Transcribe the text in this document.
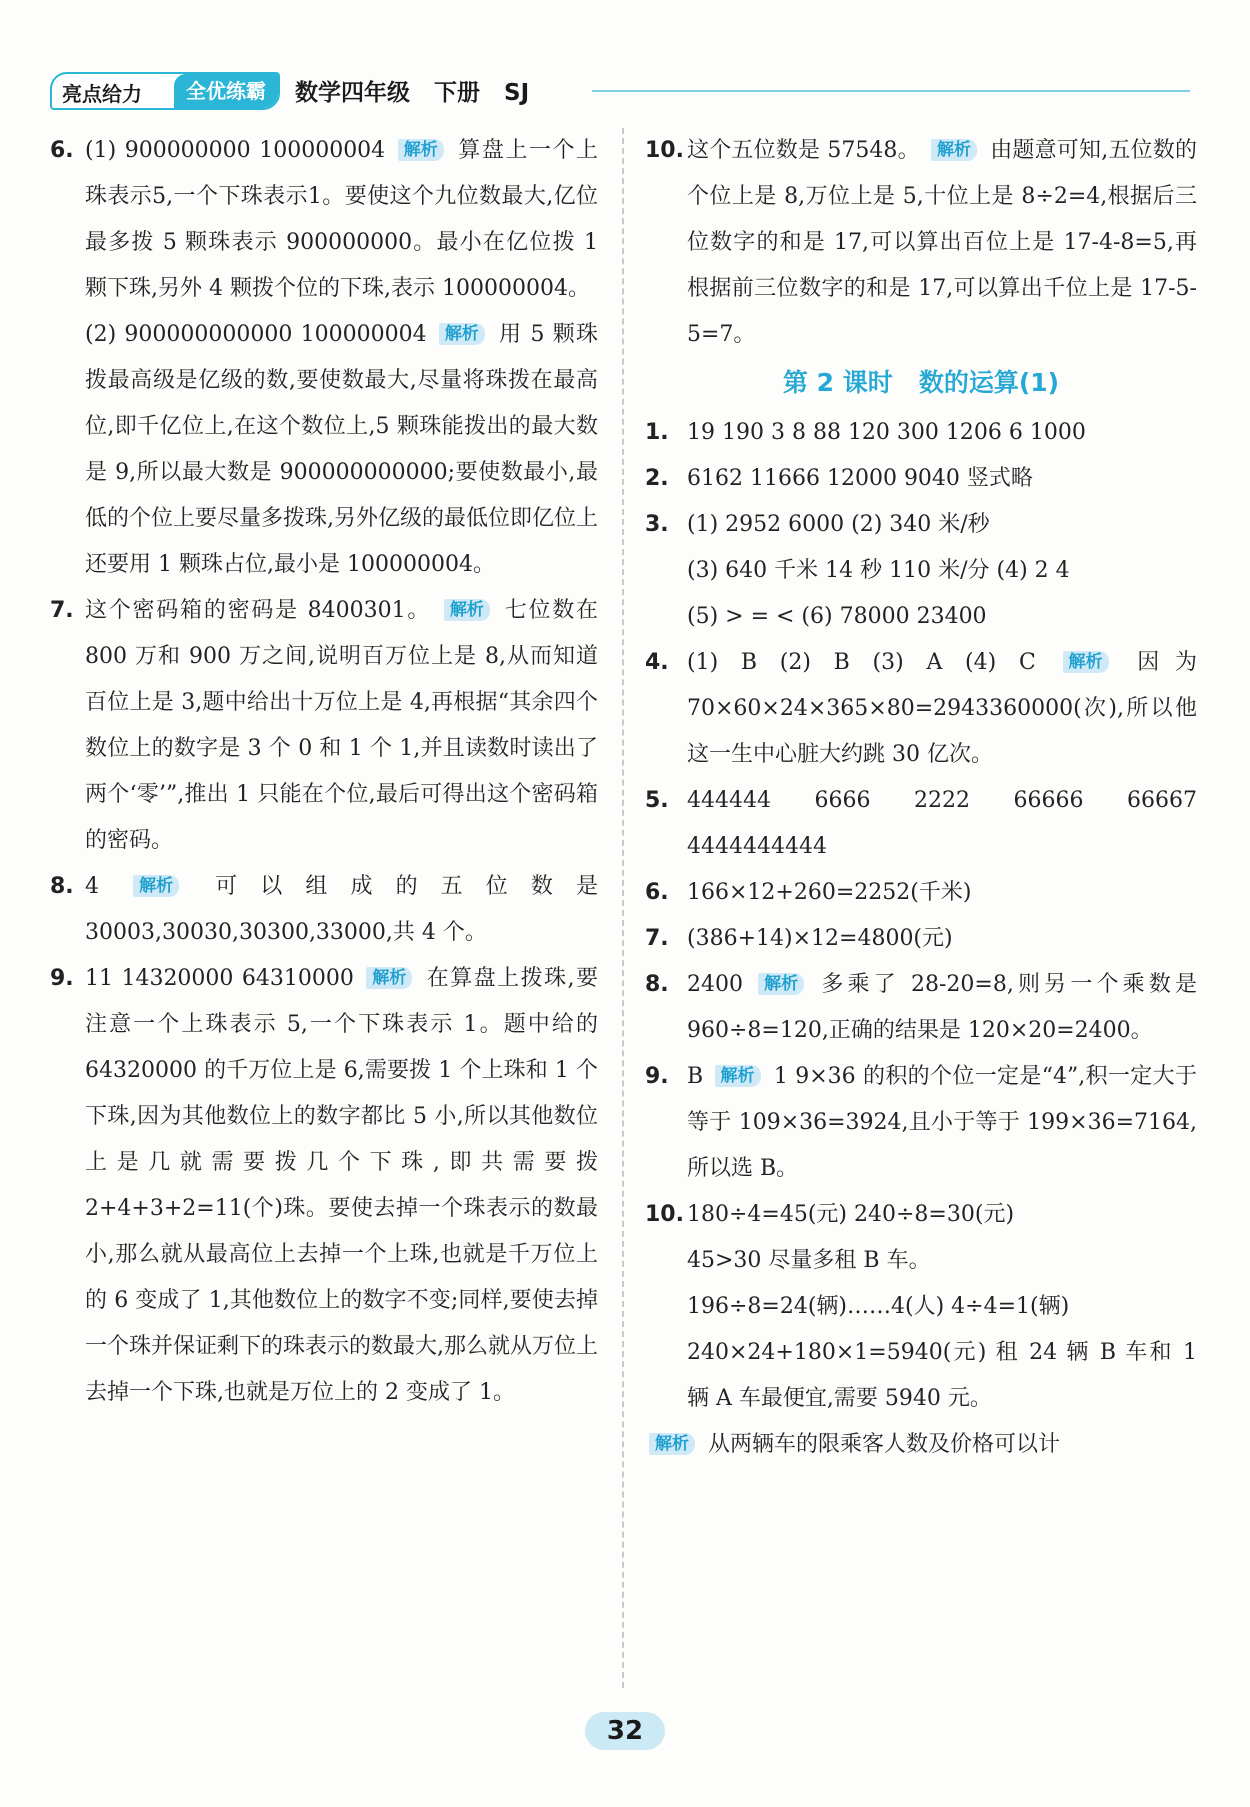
亮点给力	全优练霸	数学四年级   下册   SJ
6. (1) 900000000 100000004 解析 算盘上一个上珠表示5,一个下珠表示1。要使这个九位数最大,亿位最多拨 5 颗珠表示 900000000。最小在亿位拨 1 颗下珠,另外 4 颗拨个位的下珠,表示 100000004。
(2) 900000000000 100000004 解析 用 5 颗珠拨最高级是亿级的数,要使数最大,尽量将珠拨在最高位,即千亿位上,在这个数位上,5 颗珠能拨出的最大数是 9,所以最大数是 900000000000;要使数最小,最低的个位上要尽量多拨珠,另外亿级的最低位即亿位上还要用 1 颗珠占位,最小是 100000004。
7. 这个密码箱的密码是 8400301。 解析 七位数在 800 万和 900 万之间,说明百万位上是 8,从而知道百位上是 3,题中给出十万位上是 4,再根据“其余四个数位上的数字是 3 个 0 和 1 个 1,并且读数时读出了两个‘零’”,推出 1 只能在个位,最后可得出这个密码箱的密码。
8. 4 解析 可以组成的五位数是 30003,30030,30300,33000,共 4 个。
9. 11 14320000 64310000 解析 在算盘上拨珠,要注意一个上珠表示 5,一个下珠表示 1。题中给的 64320000 的千万位上是 6,需要拨 1 个上珠和 1 个下珠,因为其他数位上的数字都比 5 小,所以其他数位上是几就需要拨几个下珠,即共需要拨 2+4+3+2=11(个)珠。要使去掉一个珠表示的数最小,那么就从最高位上去掉一个上珠,也就是千万位上的 6 变成了 1,其他数位上的数字不变;同样,要使去掉一个珠并保证剩下的珠表示的数最大,那么就从万位上去掉一个下珠,也就是万位上的 2 变成了 1。
10. 这个五位数是 57548。 解析 由题意可知,五位数的个位上是 8,万位上是 5,十位上是 8÷2=4,根据后三位数字的和是 17,可以算出百位上是 17-4-8=5,再根据前三位数字的和是 17,可以算出千位上是 17-5-5=7。
第 2 课时   数的运算(1)
1. 19 190 3 8 88 120 300 1206 6 1000
2. 6162 11666 12000 9040 竖式略
3. (1) 2952 6000 (2) 340 米/秒
(3) 640 千米 14 秒 110 米/分 (4) 2 4
(5) > = < (6) 78000 23400
4. (1) B (2) B (3) A (4) C 解析 因为 70×60×24×365×80=2943360000(次),所以他这一生中心脏大约跳 30 亿次。
5. 444444 6666 2222 66666 66667 4444444444
6. 166×12+260=2252(千米)
7. (386+14)×12=4800(元)
8. 2400 解析 多乘了 28-20=8,则另一个乘数是 960÷8=120,正确的结果是 120×20=2400。
9. B 解析 1 9×36 的积的个位一定是“4”,积一定大于等于 109×36=3924,且小于等于 199×36=7164,所以选 B。
10. 180÷4=45(元) 240÷8=30(元)
45>30 尽量多租 B 车。
196÷8=24(辆)……4(人) 4÷4=1(辆)
240×24+180×1=5940(元) 租 24 辆 B 车和 1 辆 A 车最便宜,需要 5940 元。
解析 从两辆车的限乘客人数及价格可以计
32
